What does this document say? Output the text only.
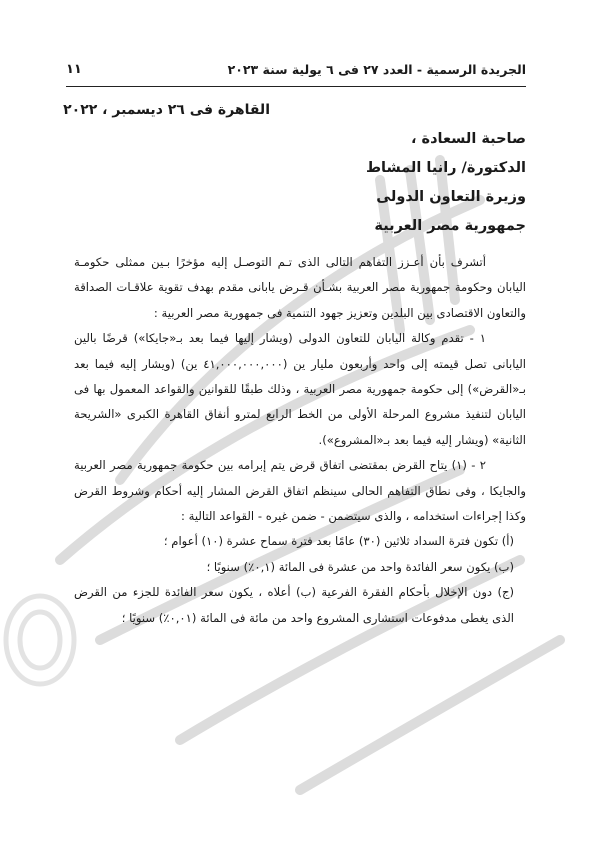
الجريدة الرسمية - العدد ٢٧ فى ٦ يولية سنة ٢٠٢٣
١١
القاهرة فى ٢٦ ديسمبر ، ٢٠٢٢
صاحبة السعادة ،
الدكتورة/ رانيا المشاط
وزيرة التعاون الدولى
جمهورية مصر العربية

أتشرف بأن أعـزز التفاهم التالى الذى تـم التوصـل إليه مؤخرًا بـين ممثلى حكومـة اليابان وحكومة جمهورية مصر العربية بشـأن قـرض يابانى مقدم بهدف تقوية علاقـات الصداقة والتعاون الاقتصادى بين البلدين وتعزيز جهود التنمية فى جمهورية مصر العربية :

١ - تقدم وكالة اليابان للتعاون الدولى (ويشار إليها فيما بعد بـ«جايكا») قرضًا بالين اليابانى تصل قيمته إلى واحد وأربعون مليار ين (٤١,٠٠٠,٠٠٠,٠٠٠ ين) (ويشار إليه فيما بعد بـ«القرض») إلى حكومة جمهورية مصر العربية ، وذلك طبقًا للقوانين والقواعد المعمول بها فى اليابان لتنفيذ مشروع المرحلة الأولى من الخط الرابع لمترو أنفاق القاهرة الكبرى «الشريحة الثانية» (ويشار إليه فيما بعد بـ«المشروع»).

٢ - (١) يتاح القرض بمقتضى اتفاق قرض يتم إبرامه بين حكومة جمهورية مصر العربية والجايكا ، وفى نطاق التفاهم الحالى سينظم اتفاق القرض المشار إليه أحكام وشروط القرض وكذا إجراءات استخدامه ، والذى سيتضمن - ضمن غيره - القواعد التالية :

(أ) تكون فترة السداد ثلاثين (٣٠) عامًا بعد فترة سماح عشرة (١٠) أعوام ؛

(ب) يكون سعر الفائدة واحد من عشرة فى المائة (٠,١٪) سنويًا ؛

(ج) دون الإخلال بأحكام الفقرة الفرعية (ب) أعلاه ، يكون سعر الفائدة للجزء من القرض الذى يغطى مدفوعات استشارى المشروع واحد من مائة فى المائة (٠,٠١٪) سنويًا ؛
